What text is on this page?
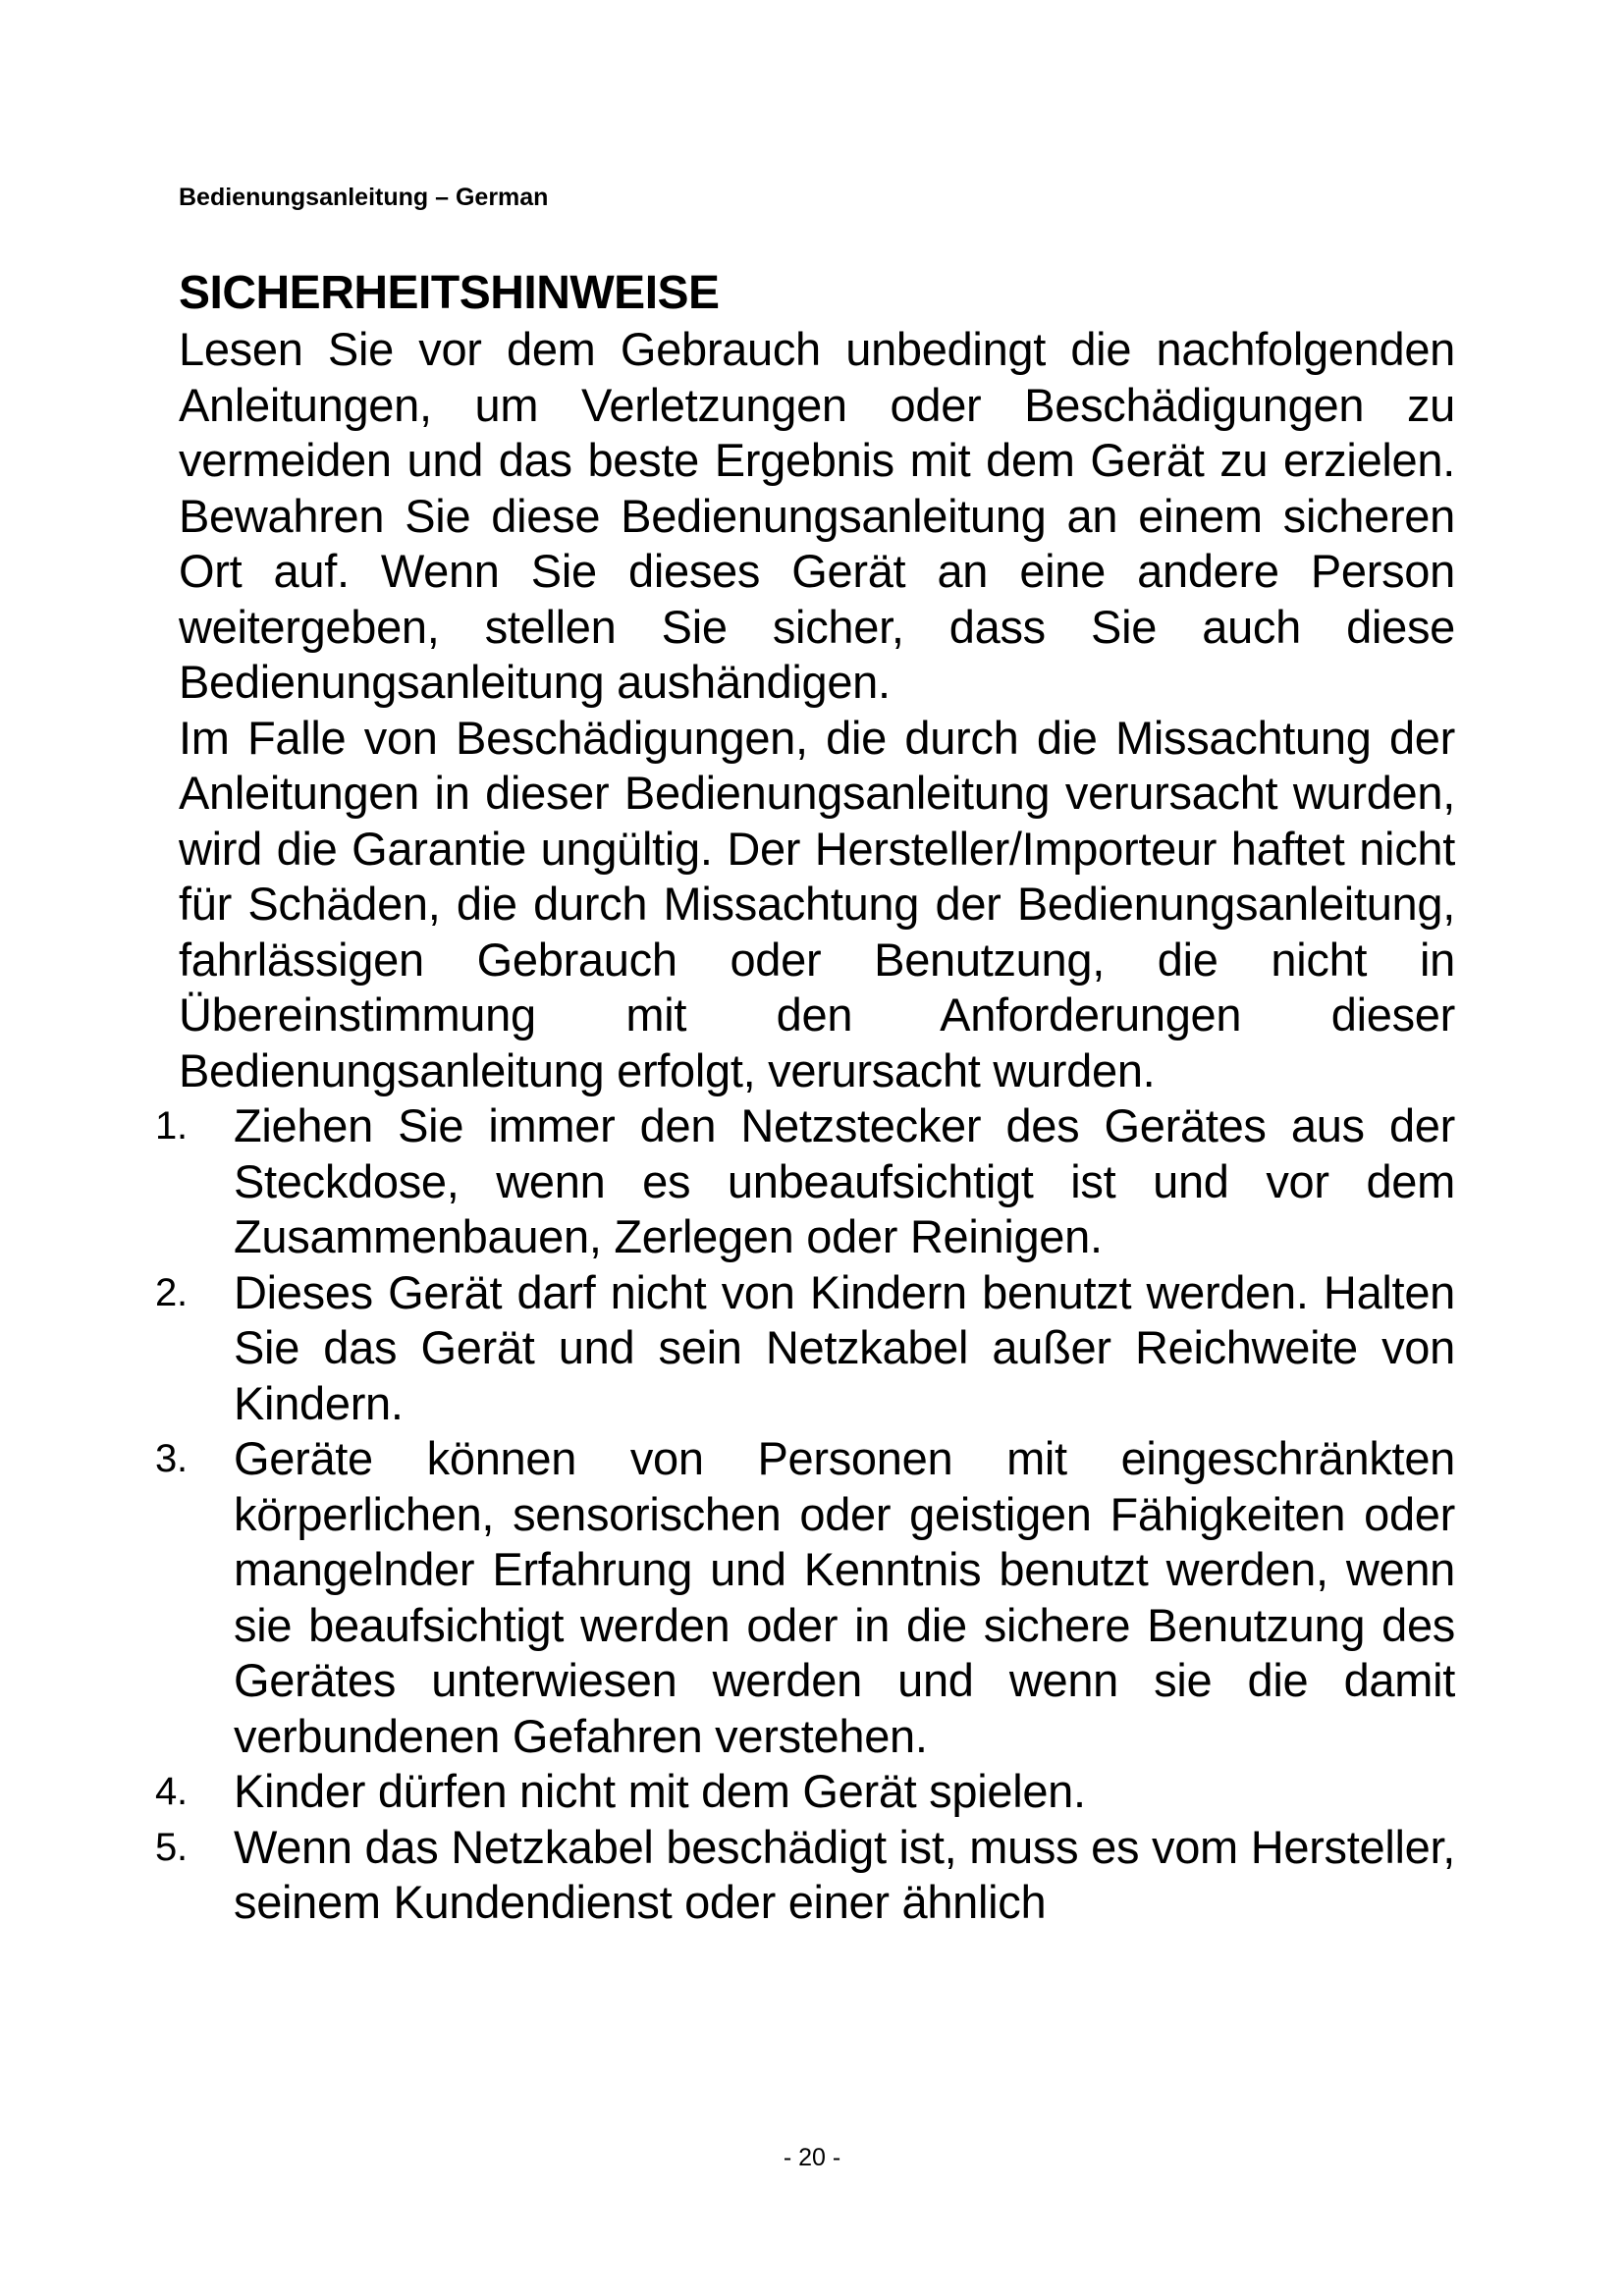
Bedienungsanleitung – German
SICHERHEITSHINWEISE

Lesen Sie vor dem Gebrauch unbedingt die nachfolgenden Anleitungen, um Verletzungen oder Beschädigungen zu vermeiden und das beste Ergebnis mit dem Gerät zu erzielen. Bewahren Sie diese Bedienungsanleitung an einem sicheren Ort auf. Wenn Sie dieses Gerät an eine andere Person weitergeben, stellen Sie sicher, dass Sie auch diese Bedienungsanleitung aushändigen.

Im Falle von Beschädigungen, die durch die Missachtung der Anleitungen in dieser Bedienungsanleitung verursacht wurden, wird die Garantie ungültig. Der Hersteller/Importeur haftet nicht für Schäden, die durch Missachtung der Bedienungsanleitung, fahrlässigen Gebrauch oder Benutzung, die nicht in Übereinstimmung mit den Anforderungen dieser Bedienungsanleitung erfolgt, verursacht wurden.

1.	Ziehen Sie immer den Netzstecker des Gerätes aus der Steckdose, wenn es unbeaufsichtigt ist und vor dem Zusammenbauen, Zerlegen oder Reinigen.
2.	Dieses Gerät darf nicht von Kindern benutzt werden. Halten Sie das Gerät und sein Netzkabel außer Reichweite von Kindern.
3.	Geräte können von Personen mit eingeschränkten körperlichen, sensorischen oder geistigen Fähigkeiten oder mangelnder Erfahrung und Kenntnis benutzt werden, wenn sie beaufsichtigt werden oder in die sichere Benutzung des Gerätes unterwiesen werden und wenn sie die damit verbundenen Gefahren verstehen.
4.	Kinder dürfen nicht mit dem Gerät spielen.
5.	Wenn das Netzkabel beschädigt ist, muss es vom Hersteller, seinem Kundendienst oder einer ähnlich
- 20 -
